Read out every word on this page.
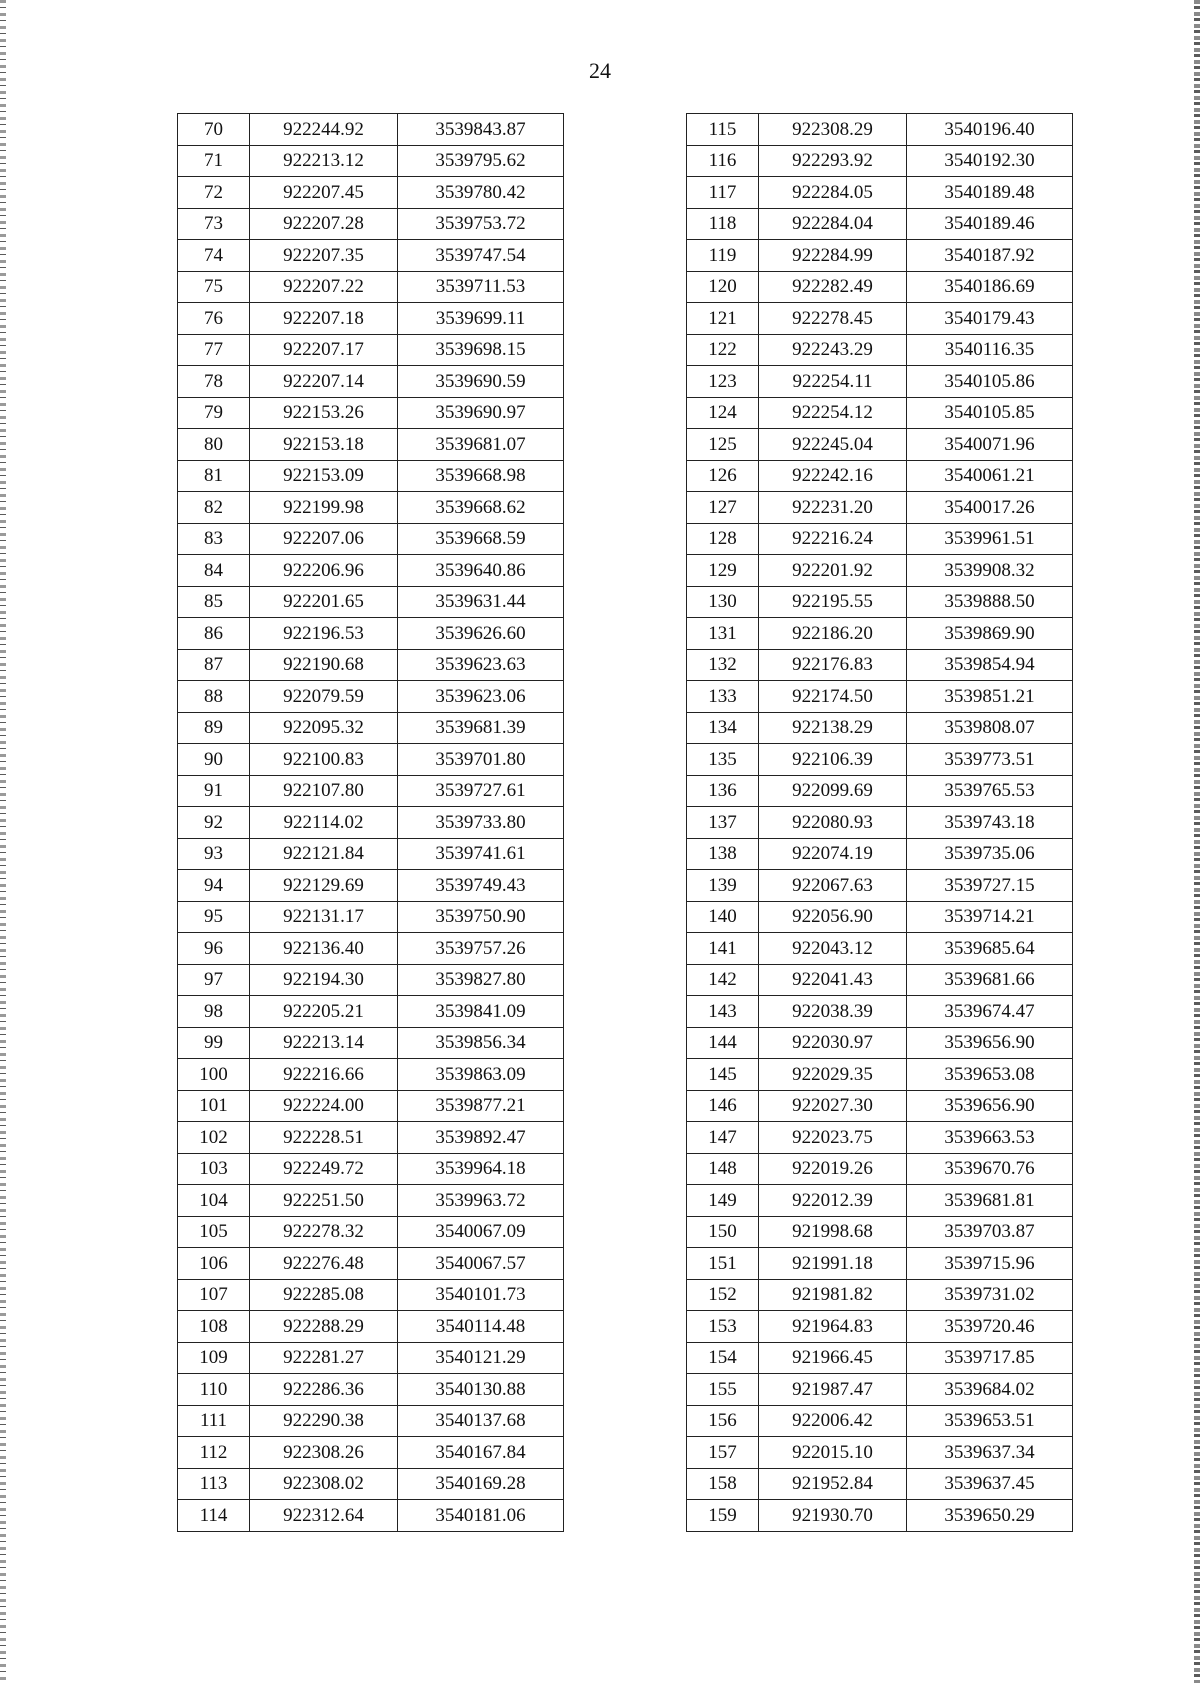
24
70	922244.92	3539843.87
71	922213.12	3539795.62
72	922207.45	3539780.42
73	922207.28	3539753.72
74	922207.35	3539747.54
75	922207.22	3539711.53
76	922207.18	3539699.11
77	922207.17	3539698.15
78	922207.14	3539690.59
79	922153.26	3539690.97
80	922153.18	3539681.07
81	922153.09	3539668.98
82	922199.98	3539668.62
83	922207.06	3539668.59
84	922206.96	3539640.86
85	922201.65	3539631.44
86	922196.53	3539626.60
87	922190.68	3539623.63
88	922079.59	3539623.06
89	922095.32	3539681.39
90	922100.83	3539701.80
91	922107.80	3539727.61
92	922114.02	3539733.80
93	922121.84	3539741.61
94	922129.69	3539749.43
95	922131.17	3539750.90
96	922136.40	3539757.26
97	922194.30	3539827.80
98	922205.21	3539841.09
99	922213.14	3539856.34
100	922216.66	3539863.09
101	922224.00	3539877.21
102	922228.51	3539892.47
103	922249.72	3539964.18
104	922251.50	3539963.72
105	922278.32	3540067.09
106	922276.48	3540067.57
107	922285.08	3540101.73
108	922288.29	3540114.48
109	922281.27	3540121.29
110	922286.36	3540130.88
111	922290.38	3540137.68
112	922308.26	3540167.84
113	922308.02	3540169.28
114	922312.64	3540181.06
115	922308.29	3540196.40
116	922293.92	3540192.30
117	922284.05	3540189.48
118	922284.04	3540189.46
119	922284.99	3540187.92
120	922282.49	3540186.69
121	922278.45	3540179.43
122	922243.29	3540116.35
123	922254.11	3540105.86
124	922254.12	3540105.85
125	922245.04	3540071.96
126	922242.16	3540061.21
127	922231.20	3540017.26
128	922216.24	3539961.51
129	922201.92	3539908.32
130	922195.55	3539888.50
131	922186.20	3539869.90
132	922176.83	3539854.94
133	922174.50	3539851.21
134	922138.29	3539808.07
135	922106.39	3539773.51
136	922099.69	3539765.53
137	922080.93	3539743.18
138	922074.19	3539735.06
139	922067.63	3539727.15
140	922056.90	3539714.21
141	922043.12	3539685.64
142	922041.43	3539681.66
143	922038.39	3539674.47
144	922030.97	3539656.90
145	922029.35	3539653.08
146	922027.30	3539656.90
147	922023.75	3539663.53
148	922019.26	3539670.76
149	922012.39	3539681.81
150	921998.68	3539703.87
151	921991.18	3539715.96
152	921981.82	3539731.02
153	921964.83	3539720.46
154	921966.45	3539717.85
155	921987.47	3539684.02
156	922006.42	3539653.51
157	922015.10	3539637.34
158	921952.84	3539637.45
159	921930.70	3539650.29
